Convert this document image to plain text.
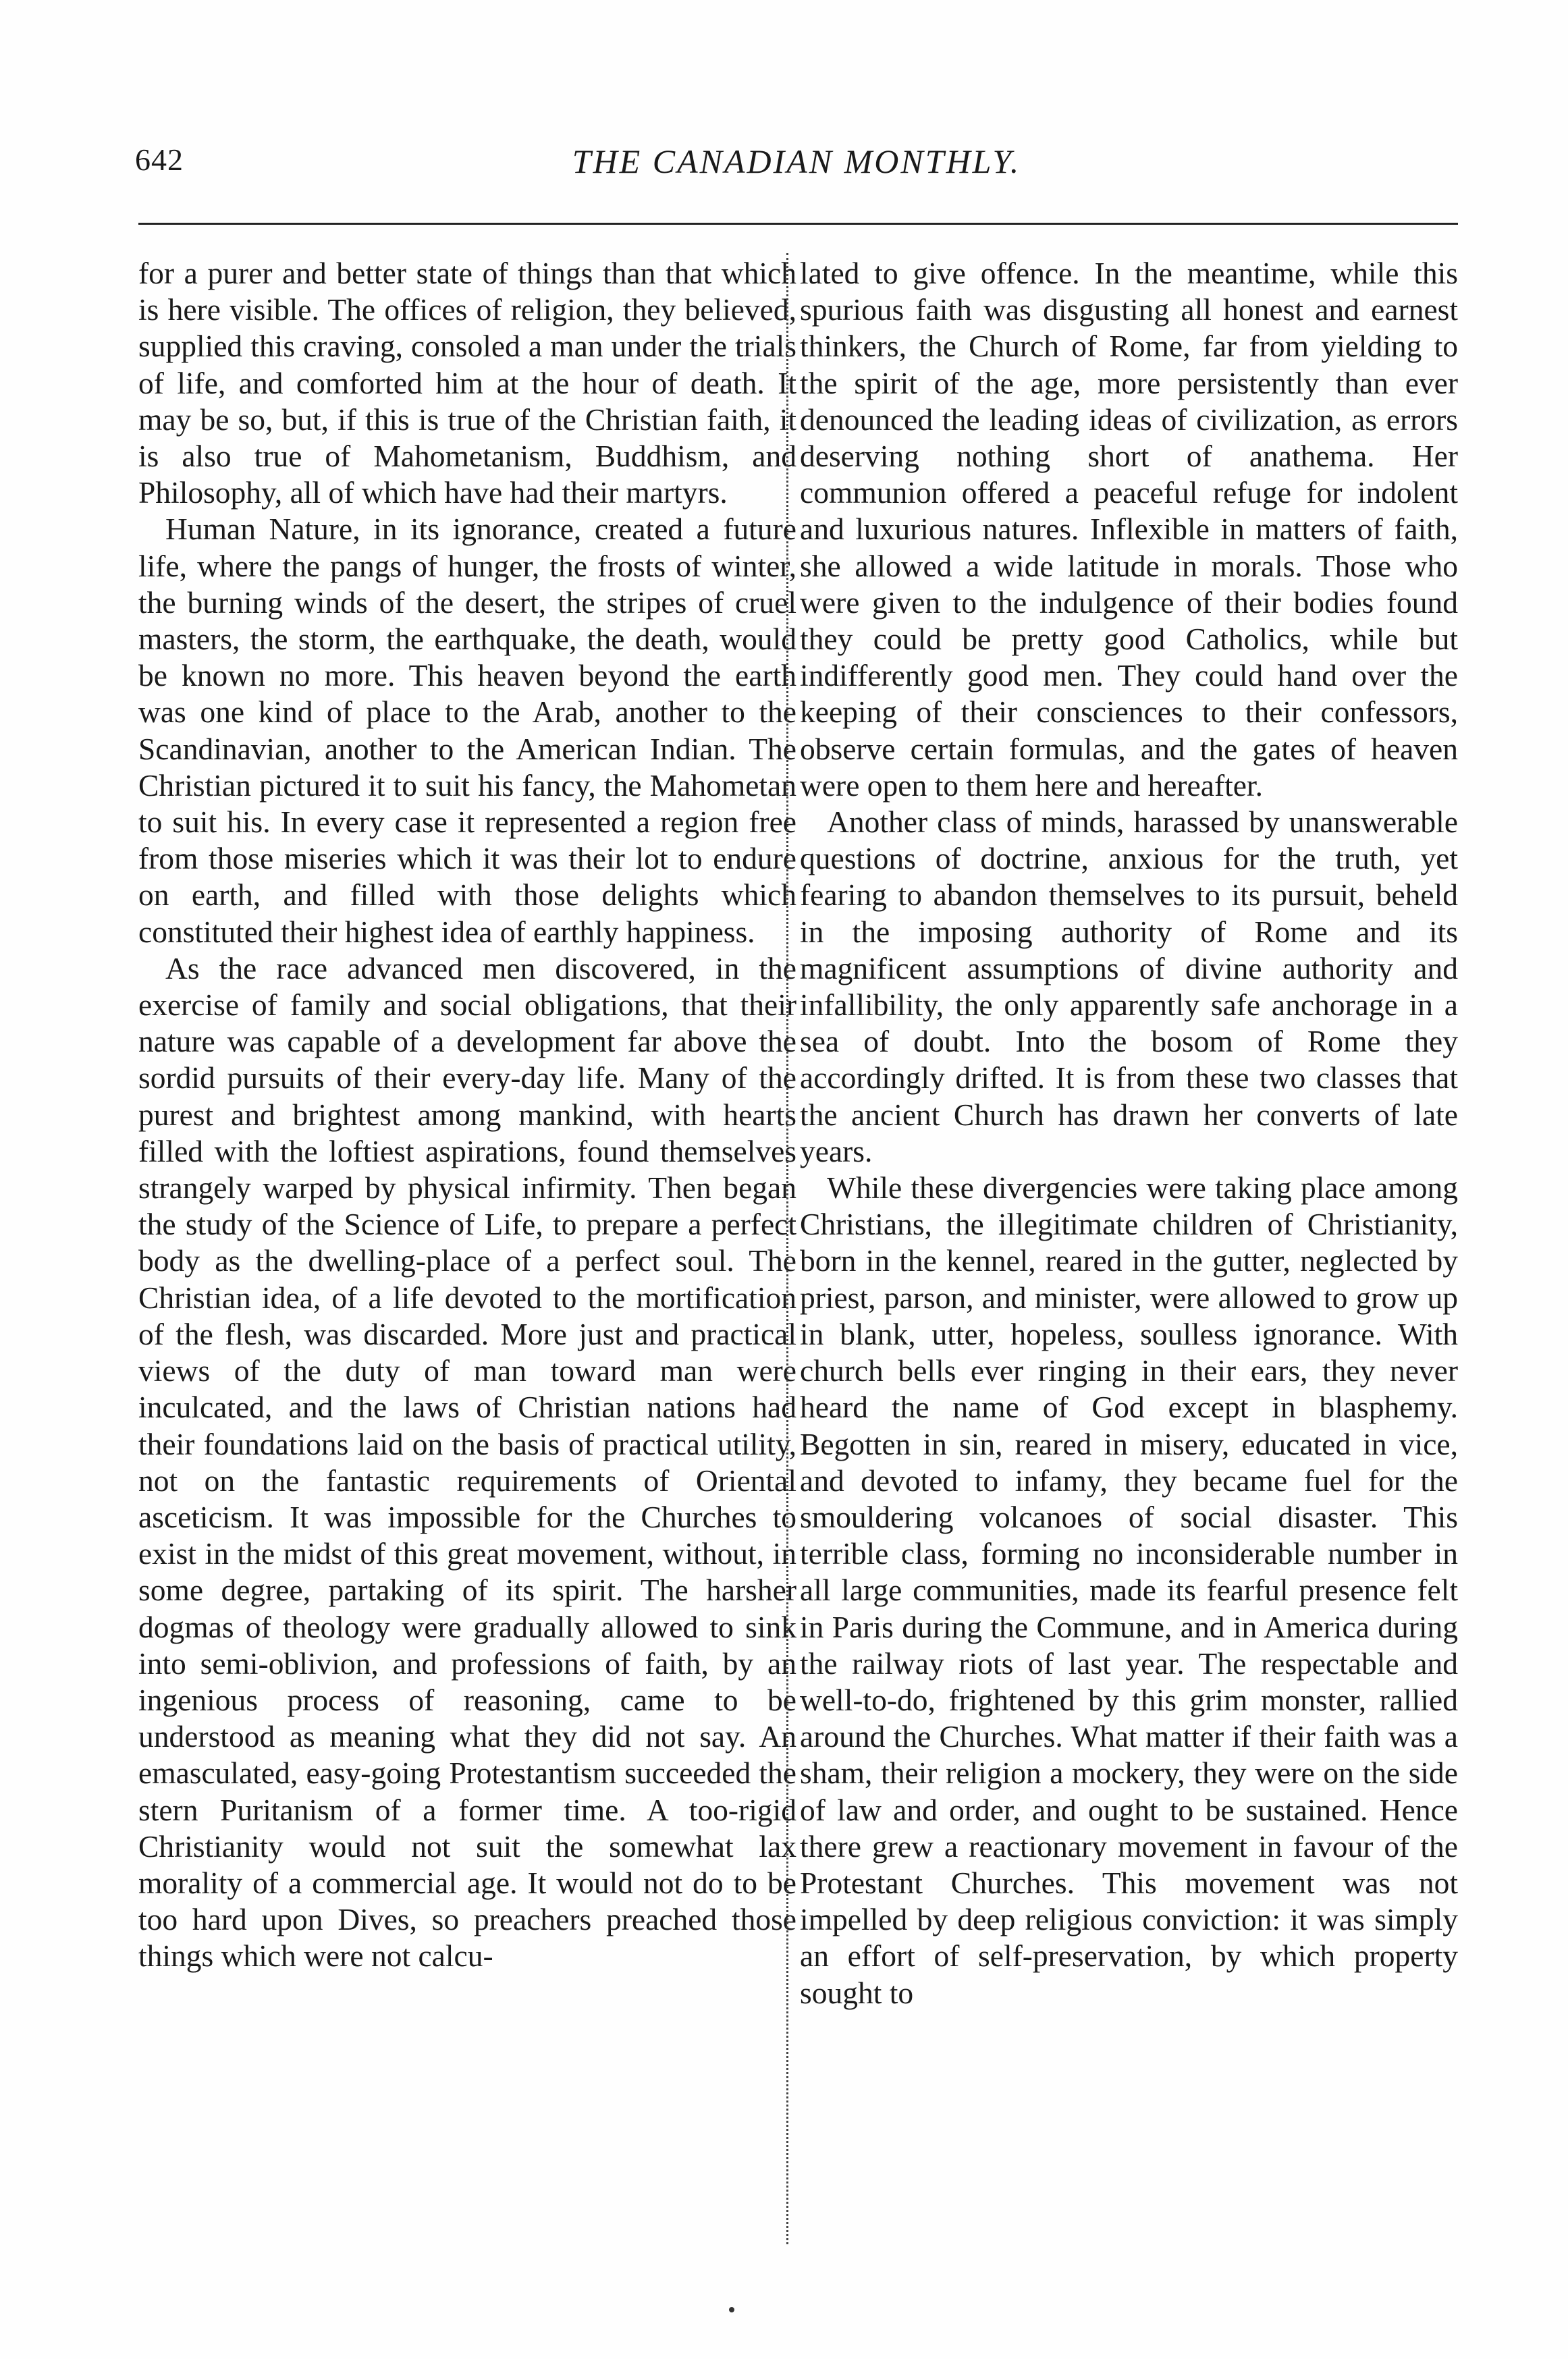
642	THE CANADIAN MONTHLY.

for a purer and better state of things than that which is here visible. The offices of religion, they believed, supplied this craving, consoled a man under the trials of life, and comforted him at the hour of death. It may be so, but, if this is true of the Christian faith, it is also true of Mahometanism, Buddhism, and Philosophy, all of which have had their martyrs.

Human Nature, in its ignorance, created a future life, where the pangs of hunger, the frosts of winter, the burning winds of the desert, the stripes of cruel masters, the storm, the earthquake, the death, would be known no more. This heaven beyond the earth was one kind of place to the Arab, another to the Scandinavian, another to the American Indian. The Christian pictured it to suit his fancy, the Mahometan to suit his. In every case it represented a region free from those miseries which it was their lot to endure on earth, and filled with those delights which constituted their highest idea of earthly happiness.

As the race advanced men discovered, in the exercise of family and social obligations, that their nature was capable of a development far above the sordid pursuits of their every-day life. Many of the purest and brightest among mankind, with hearts filled with the loftiest aspirations, found themselves strangely warped by physical infirmity. Then began the study of the Science of Life, to prepare a perfect body as the dwelling-place of a perfect soul. The Christian idea, of a life devoted to the mortification of the flesh, was discarded. More just and practical views of the duty of man toward man were inculcated, and the laws of Christian nations had their foundations laid on the basis of practical utility, not on the fantastic requirements of Oriental asceticism. It was impossible for the Churches to exist in the midst of this great movement, without, in some degree, partaking of its spirit. The harsher dogmas of theology were gradually allowed to sink into semi-oblivion, and professions of faith, by an ingenious process of reasoning, came to be understood as meaning what they did not say. An emasculated, easy-going Protestantism succeeded the stern Puritanism of a former time. A too-rigid Christianity would not suit the somewhat lax morality of a commercial age. It would not do to be too hard upon Dives, so preachers preached those things which were not calcu-

lated to give offence. In the meantime, while this spurious faith was disgusting all honest and earnest thinkers, the Church of Rome, far from yielding to the spirit of the age, more persistently than ever denounced the leading ideas of civilization, as errors deserving nothing short of anathema. Her communion offered a peaceful refuge for indolent and luxurious natures. Inflexible in matters of faith, she allowed a wide latitude in morals. Those who were given to the indulgence of their bodies found they could be pretty good Catholics, while but indifferently good men. They could hand over the keeping of their consciences to their confessors, observe certain formulas, and the gates of heaven were open to them here and hereafter.

Another class of minds, harassed by unanswerable questions of doctrine, anxious for the truth, yet fearing to abandon themselves to its pursuit, beheld in the imposing authority of Rome and its magnificent assumptions of divine authority and infallibility, the only apparently safe anchorage in a sea of doubt. Into the bosom of Rome they accordingly drifted. It is from these two classes that the ancient Church has drawn her converts of late years.

While these divergencies were taking place among Christians, the illegitimate children of Christianity, born in the kennel, reared in the gutter, neglected by priest, parson, and minister, were allowed to grow up in blank, utter, hopeless, soulless ignorance. With church bells ever ringing in their ears, they never heard the name of God except in blasphemy. Begotten in sin, reared in misery, educated in vice, and devoted to infamy, they became fuel for the smouldering volcanoes of social disaster. This terrible class, forming no inconsiderable number in all large communities, made its fearful presence felt in Paris during the Commune, and in America during the railway riots of last year. The respectable and well-to-do, frightened by this grim monster, rallied around the Churches. What matter if their faith was a sham, their religion a mockery, they were on the side of law and order, and ought to be sustained. Hence there grew a reactionary movement in favour of the Protestant Churches. This movement was not impelled by deep religious conviction: it was simply an effort of self-preservation, by which property sought to
